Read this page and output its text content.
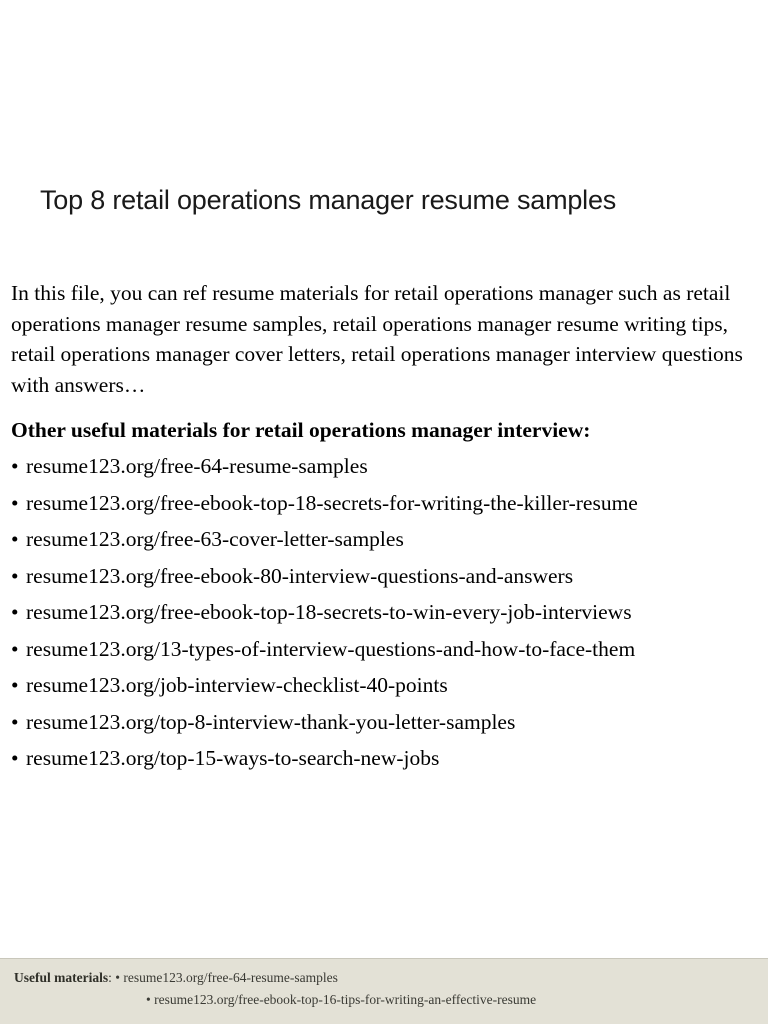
Top 8 retail operations manager resume samples

In this file, you can ref resume materials for retail operations manager such as retail operations manager resume samples, retail operations manager resume writing tips, retail operations manager cover letters, retail operations manager interview questions with answers…

Other useful materials for retail operations manager interview:

• resume123.org/free-64-resume-samples
• resume123.org/free-ebook-top-18-secrets-for-writing-the-killer-resume
• resume123.org/free-63-cover-letter-samples
• resume123.org/free-ebook-80-interview-questions-and-answers
• resume123.org/free-ebook-top-18-secrets-to-win-every-job-interviews
• resume123.org/13-types-of-interview-questions-and-how-to-face-them
• resume123.org/job-interview-checklist-40-points
• resume123.org/top-8-interview-thank-you-letter-samples
• resume123.org/top-15-ways-to-search-new-jobs
Useful materials: • resume123.org/free-64-resume-samples
• resume123.org/free-ebook-top-16-tips-for-writing-an-effective-resume
